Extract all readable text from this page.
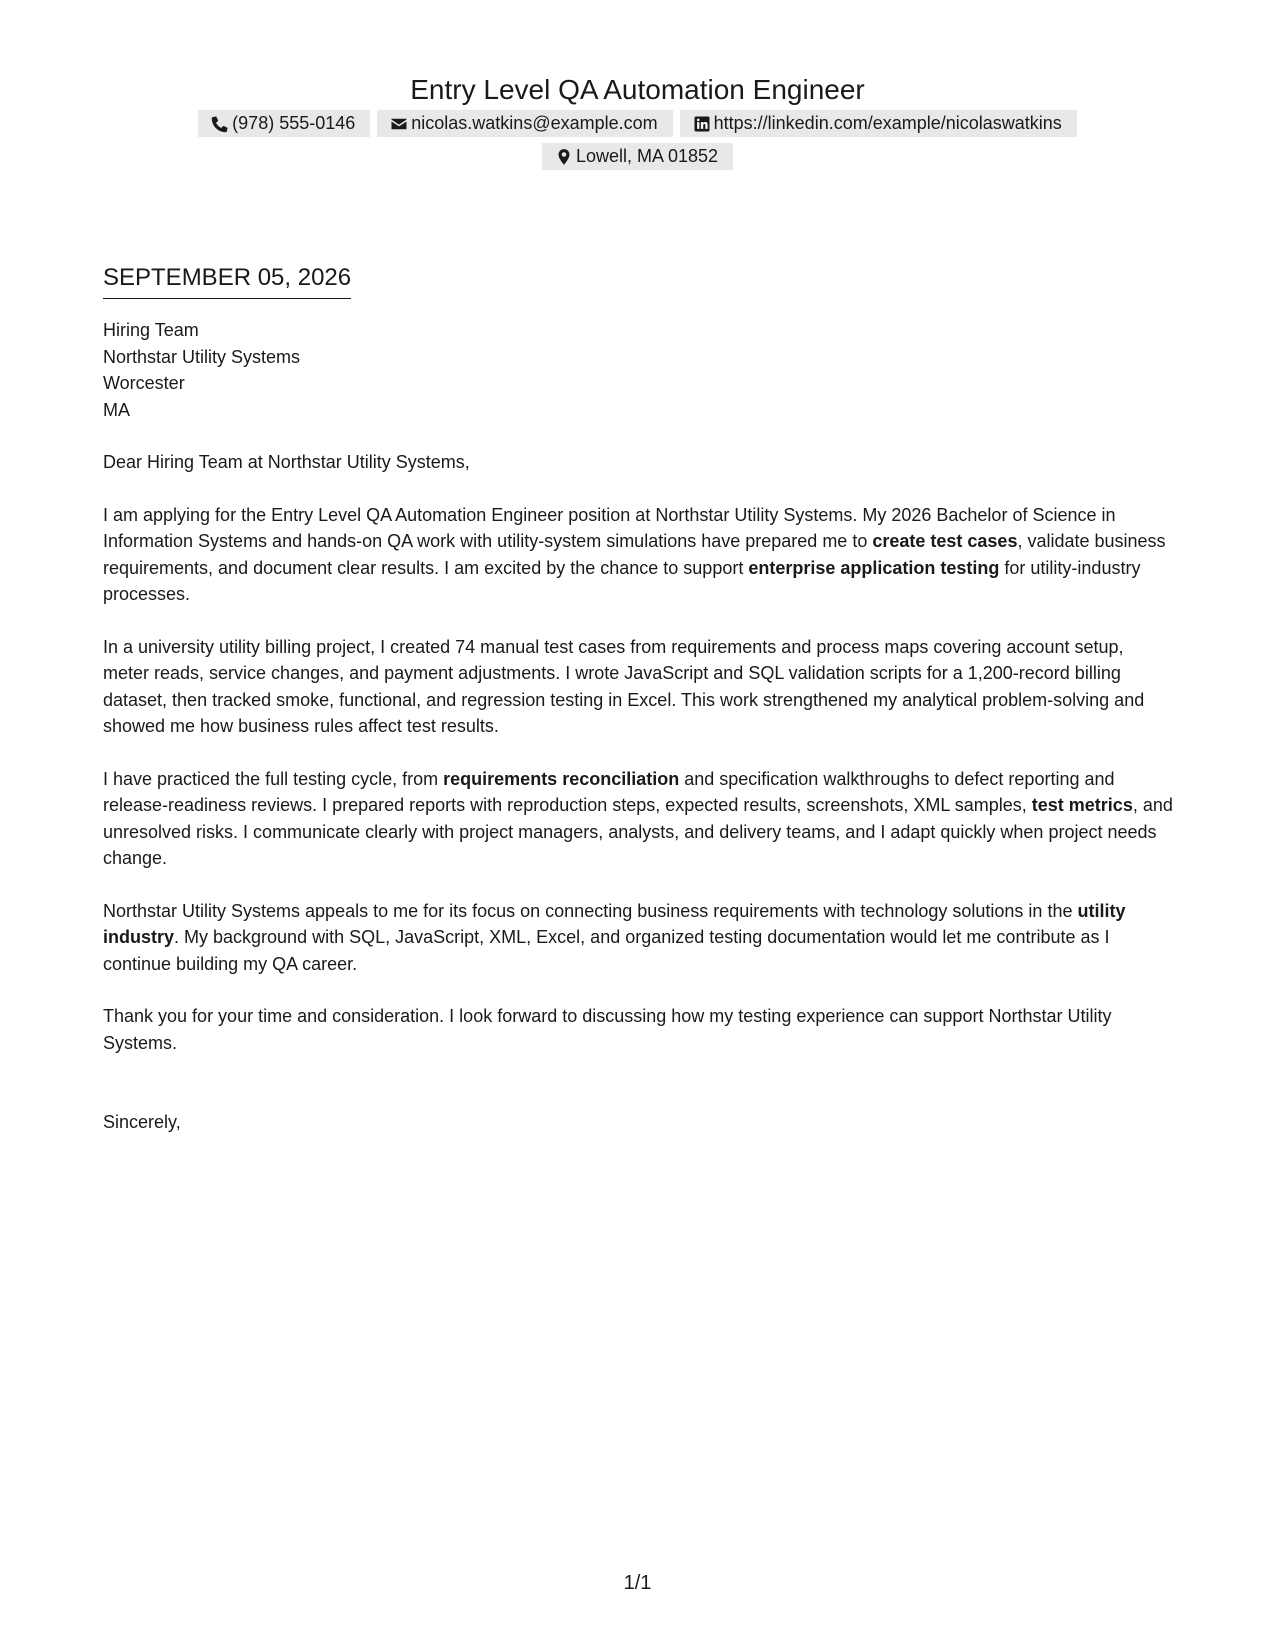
Entry Level QA Automation Engineer
(978) 555-0146	nicolas.watkins@example.com	https://linkedin.com/example/nicolaswatkins
Lowell, MA 01852
SEPTEMBER 05, 2026
Hiring Team
Northstar Utility Systems
Worcester
MA
Dear Hiring Team at Northstar Utility Systems,

I am applying for the Entry Level QA Automation Engineer position at Northstar Utility Systems. My 2026 Bachelor of Science in Information Systems and hands-on QA work with utility-system simulations have prepared me to create test cases, validate business requirements, and document clear results. I am excited by the chance to support enterprise application testing for utility-industry processes.

In a university utility billing project, I created 74 manual test cases from requirements and process maps covering account setup, meter reads, service changes, and payment adjustments. I wrote JavaScript and SQL validation scripts for a 1,200-record billing dataset, then tracked smoke, functional, and regression testing in Excel. This work strengthened my analytical problem-solving and showed me how business rules affect test results.

I have practiced the full testing cycle, from requirements reconciliation and specification walkthroughs to defect reporting and release-readiness reviews. I prepared reports with reproduction steps, expected results, screenshots, XML samples, test metrics, and unresolved risks. I communicate clearly with project managers, analysts, and delivery teams, and I adapt quickly when project needs change.

Northstar Utility Systems appeals to me for its focus on connecting business requirements with technology solutions in the utility industry. My background with SQL, JavaScript, XML, Excel, and organized testing documentation would let me contribute as I continue building my QA career.

Thank you for your time and consideration. I look forward to discussing how my testing experience can support Northstar Utility Systems.

Sincerely,
1/1
